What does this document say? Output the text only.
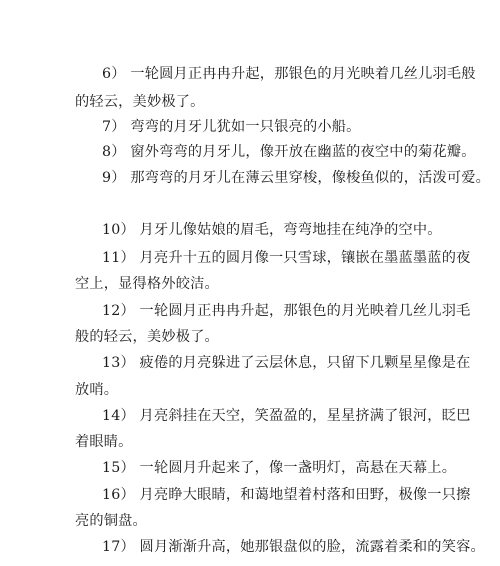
6） 一轮圆月正冉冉升起，那银色的月光映着几丝儿羽毛般
的轻云，美妙极了。
7） 弯弯的月牙儿犹如一只银亮的小船。
8） 窗外弯弯的月牙儿，像开放在幽蓝的夜空中的菊花瓣。
9） 那弯弯的月牙儿在薄云里穿梭，像梭鱼似的，活泼可爱。
10） 月牙儿像姑娘的眉毛，弯弯地挂在纯净的空中。
11） 月亮升十五的圆月像一只雪球，镶嵌在墨蓝墨蓝的夜
空上，显得格外皎洁。
12） 一轮圆月正冉冉升起，那银色的月光映着几丝儿羽毛
般的轻云，美妙极了。
13） 疲倦的月亮躲进了云层休息，只留下几颗星星像是在
放哨。
14） 月亮斜挂在天空，笑盈盈的，星星挤满了银河，眨巴
着眼睛。
15） 一轮圆月升起来了，像一盏明灯，高悬在天幕上。
16） 月亮睁大眼睛，和蔼地望着村落和田野，极像一只擦
亮的铜盘。
17） 圆月渐渐升高，她那银盘似的脸，流露着柔和的笑容。
